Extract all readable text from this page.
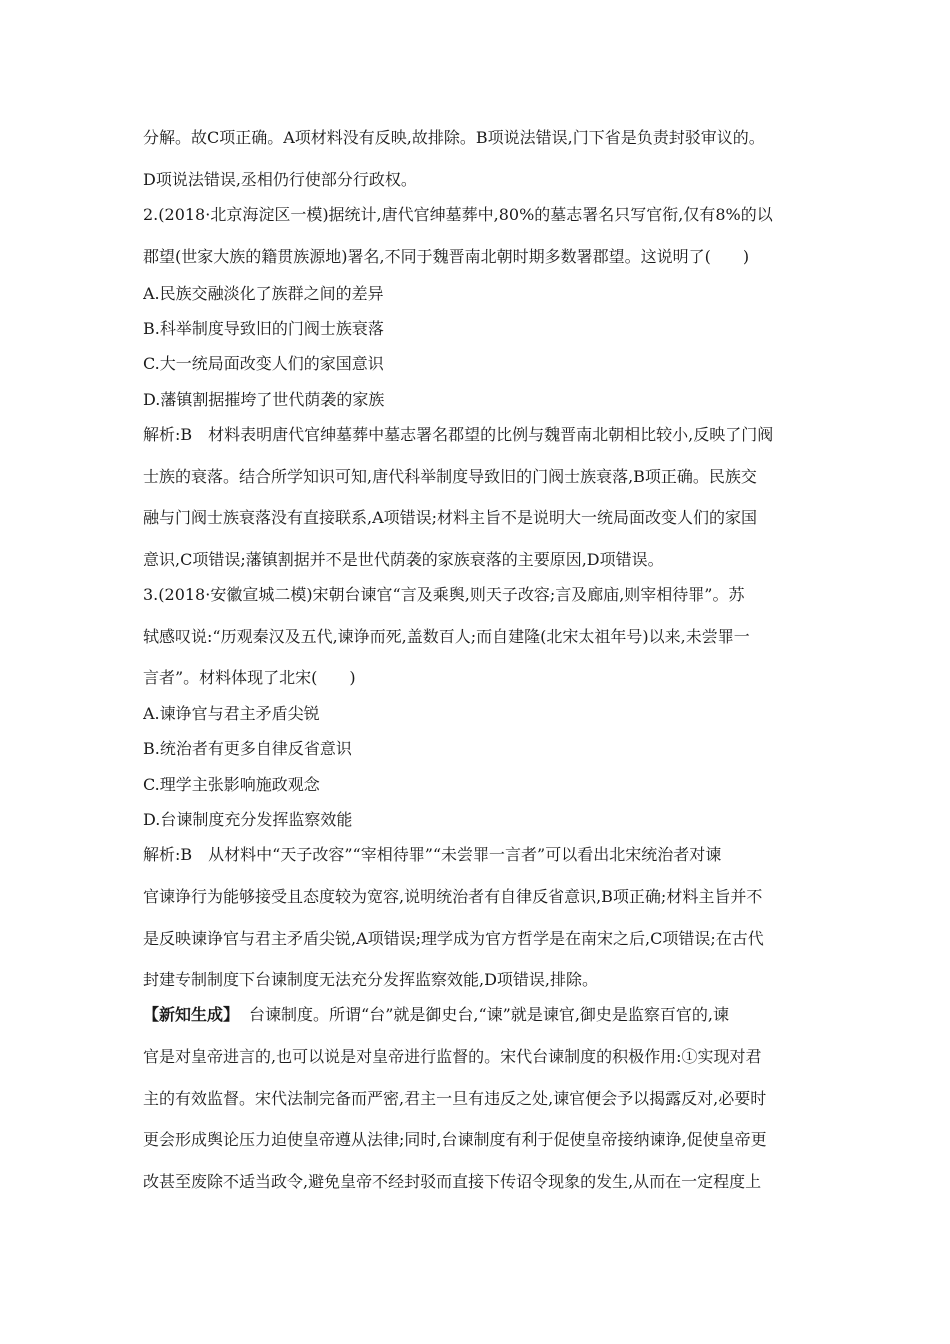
分解。故C项正确。A项材料没有反映,故排除。B项说法错误,门下省是负责封驳审议的。
D项说法错误,丞相仍行使部分行政权。
2.(2018·北京海淀区一模)据统计,唐代官绅墓葬中,80%的墓志署名只写官衔,仅有8%的以
郡望(世家大族的籍贯族源地)署名,不同于魏晋南北朝时期多数署郡望。这说明了(　　)
A.民族交融淡化了族群之间的差异
B.科举制度导致旧的门阀士族衰落
C.大一统局面改变人们的家国意识
D.藩镇割据摧垮了世代荫袭的家族
解析:B　材料表明唐代官绅墓葬中墓志署名郡望的比例与魏晋南北朝相比较小,反映了门阀
士族的衰落。结合所学知识可知,唐代科举制度导致旧的门阀士族衰落,B项正确。民族交
融与门阀士族衰落没有直接联系,A项错误;材料主旨不是说明大一统局面改变人们的家国
意识,C项错误;藩镇割据并不是世代荫袭的家族衰落的主要原因,D项错误。
3.(2018·安徽宣城二模)宋朝台谏官“言及乘舆,则天子改容;言及廊庙,则宰相待罪”。苏
轼感叹说:“历观秦汉及五代,谏诤而死,盖数百人;而自建隆(北宋太祖年号)以来,未尝罪一
言者”。材料体现了北宋(　　)
A.谏诤官与君主矛盾尖锐
B.统治者有更多自律反省意识
C.理学主张影响施政观念
D.台谏制度充分发挥监察效能
解析:B　从材料中“天子改容”“宰相待罪”“未尝罪一言者”可以看出北宋统治者对谏
官谏诤行为能够接受且态度较为宽容,说明统治者有自律反省意识,B项正确;材料主旨并不
是反映谏诤官与君主矛盾尖锐,A项错误;理学成为官方哲学是在南宋之后,C项错误;在古代
封建专制制度下台谏制度无法充分发挥监察效能,D项错误,排除。
【新知生成】 台谏制度。所谓“台”就是御史台,“谏”就是谏官,御史是监察百官的,谏
官是对皇帝进言的,也可以说是对皇帝进行监督的。宋代台谏制度的积极作用:①实现对君
主的有效监督。宋代法制完备而严密,君主一旦有违反之处,谏官便会予以揭露反对,必要时
更会形成舆论压力迫使皇帝遵从法律;同时,台谏制度有利于促使皇帝接纳谏诤,促使皇帝更
改甚至废除不适当政令,避免皇帝不经封驳而直接下传诏令现象的发生,从而在一定程度上
